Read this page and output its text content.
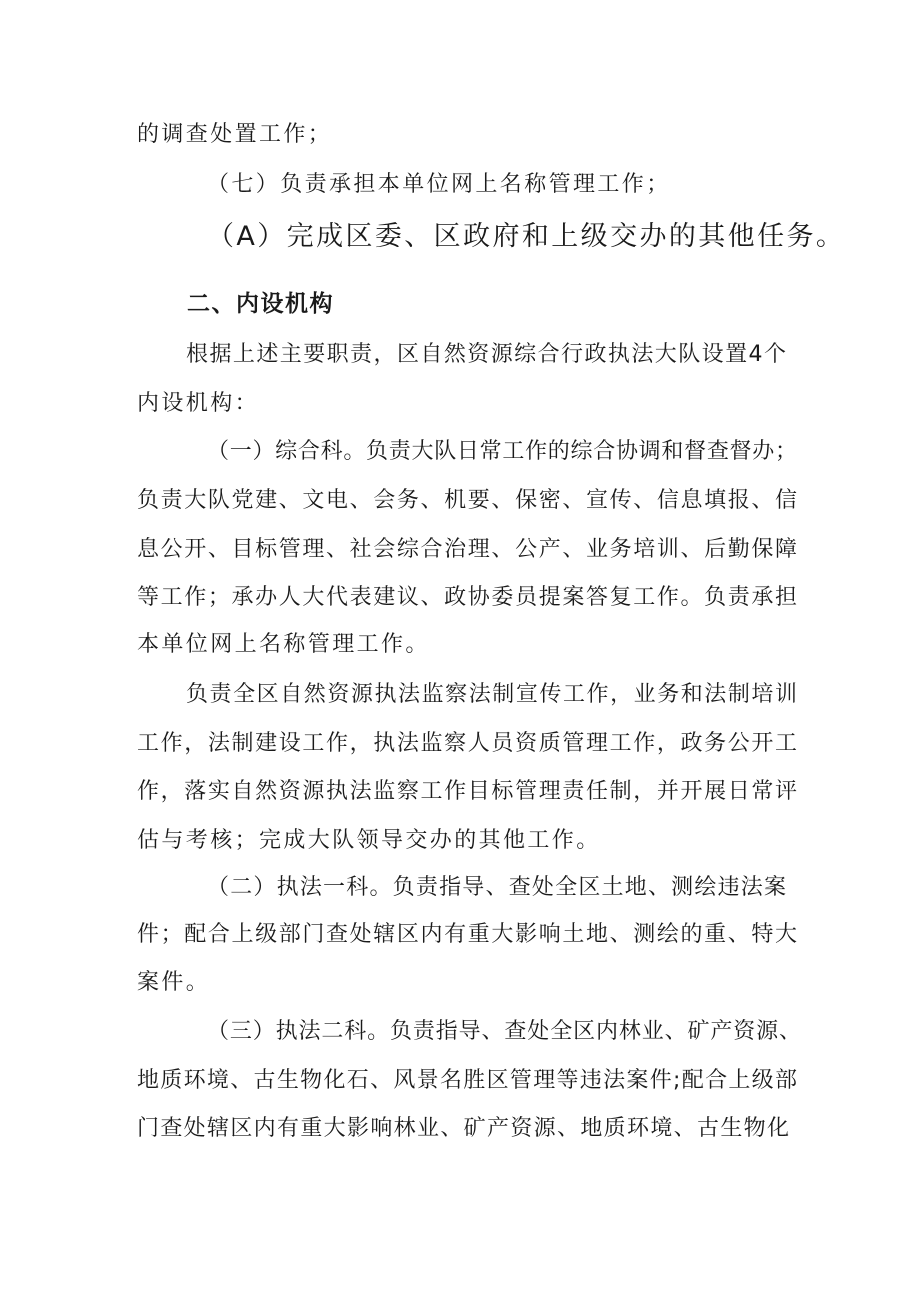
的调查处置工作；
（七）负责承担本单位网上名称管理工作；
（A）完成区委、区政府和上级交办的其他任务。
二、内设机构
根据上述主要职责，区自然资源综合行政执法大队设置4个
内设机构：
（一）综合科。负责大队日常工作的综合协调和督查督办；
负责大队党建、文电、会务、机要、保密、宣传、信息填报、信
息公开、目标管理、社会综合治理、公产、业务培训、后勤保障
等工作；承办人大代表建议、政协委员提案答复工作。负责承担
本单位网上名称管理工作。
负责全区自然资源执法监察法制宣传工作，业务和法制培训
工作，法制建设工作，执法监察人员资质管理工作，政务公开工
作，落实自然资源执法监察工作目标管理责任制，并开展日常评
估与考核；完成大队领导交办的其他工作。
（二）执法一科。负责指导、查处全区土地、测绘违法案
件；配合上级部门查处辖区内有重大影响土地、测绘的重、特大
案件。
（三）执法二科。负责指导、查处全区内林业、矿产资源、
地质环境、古生物化石、风景名胜区管理等违法案件;配合上级部
门查处辖区内有重大影响林业、矿产资源、地质环境、古生物化
